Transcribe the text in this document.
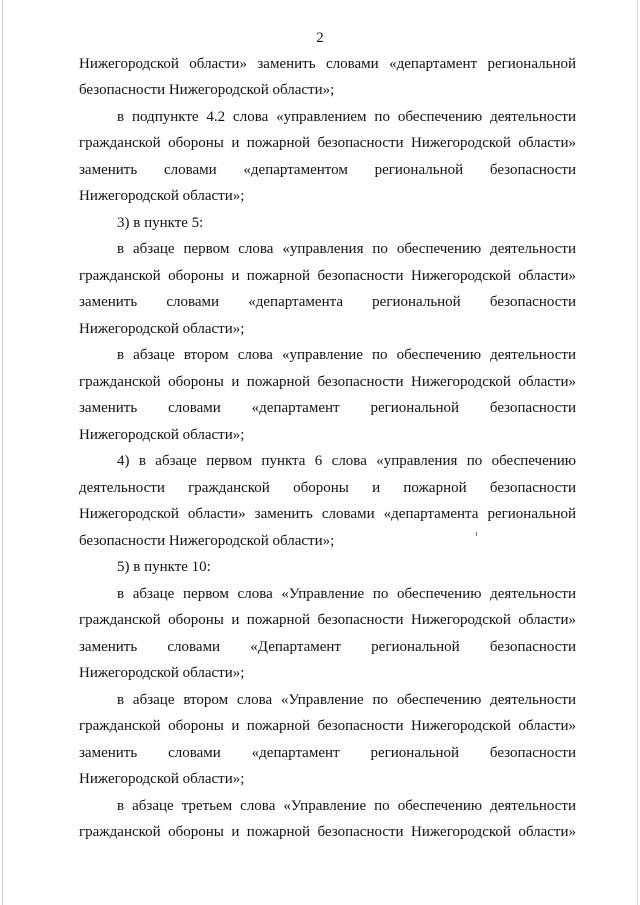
2
Нижегородской области» заменить словами «департамент региональной
безопасности Нижегородской области»;
в подпункте 4.2 слова «управлением по обеспечению деятельности
гражданской обороны и пожарной безопасности Нижегородской области»
заменить словами «департаментом региональной безопасности
Нижегородской области»;
3) в пункте 5:
в абзаце первом слова «управления по обеспечению деятельности
гражданской обороны и пожарной безопасности Нижегородской области»
заменить словами «департамента региональной безопасности
Нижегородской области»;
в абзаце втором слова «управление по обеспечению деятельности
гражданской обороны и пожарной безопасности Нижегородской области»
заменить словами «департамент региональной безопасности
Нижегородской области»;
4) в абзаце первом пункта 6 слова «управления по обеспечению
деятельности гражданской обороны и пожарной безопасности
Нижегородской области» заменить словами «департамента региональной
безопасности Нижегородской области»;
5) в пункте 10:
в абзаце первом слова «Управление по обеспечению деятельности
гражданской обороны и пожарной безопасности Нижегородской области»
заменить словами «Департамент региональной безопасности
Нижегородской области»;
в абзаце втором слова «Управление по обеспечению деятельности
гражданской обороны и пожарной безопасности Нижегородской области»
заменить словами «департамент региональной безопасности
Нижегородской области»;
в абзаце третьем слова «Управление по обеспечению деятельности
гражданской обороны и пожарной безопасности Нижегородской области»
